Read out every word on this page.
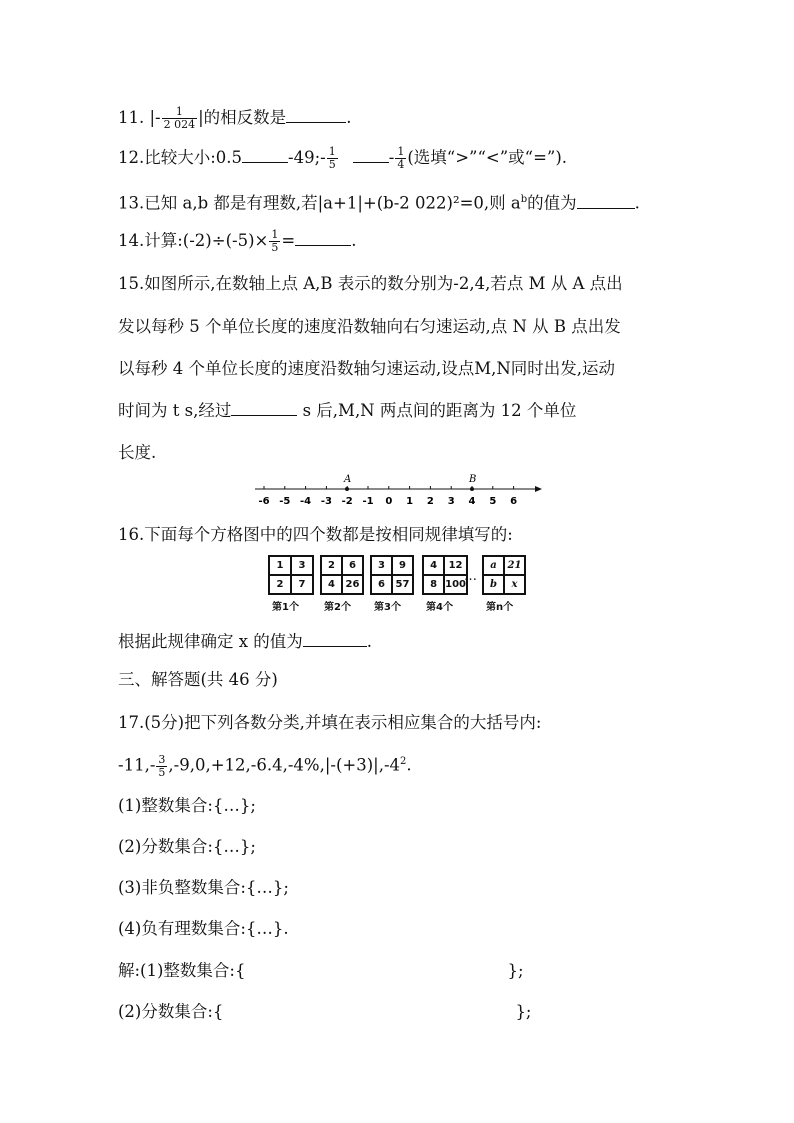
11. |- $\frac{1}{2 024}$ |的相反数是	.
12.比较大小:0.5	-49;- $\frac{1}{5}$	- $\frac{1}{4}$ (选填“>”“<”或“=”).
13.已知 a,b 都是有理数,若|a+1|+(b-2 022)²=0,则 $a^b$的值为	.
14.计算:(-2)÷(-5)× $\frac{1}{5}$ =	.
15.如图所示,在数轴上点 A,B 表示的数分别为-2,4,若点 M 从 A 点出
发以每秒 5 个单位长度的速度沿数轴向右匀速运动,点 N 从 B 点出发
以每秒 4 个单位长度的速度沿数轴匀速运动,设点M,N同时出发,运动
时间为 t s,经过	s 后,M,N 两点间的距离为 12 个单位
长度.
-6 -5 -4 -3 -2 -1 0 1 2 3 4 5 6
A	B
16.下面每个方格图中的四个数都是按相同规律填写的:
…
1	3
2	7
第1个
2	6
4	26
第2个
3	9
6	57
第3个
4	12
8 100
第4个
a	21
b	x
第n个
根据此规律确定 x 的值为	.
三、解答题(共 46 分)
17.(5分)把下列各数分类,并填在表示相应集合的大括号内:
$-11,- \frac{3}{5} ,-9,0,+12,-6.4,-4\%,|-(+3)|,-4^2$.
(1)整数集合:{…};
(2)分数集合:{…};
(3)非负整数集合:{…};
(4)负有理数集合:{…}.
解:(1)整数集合:{	};
(2)分数集合:{	};
